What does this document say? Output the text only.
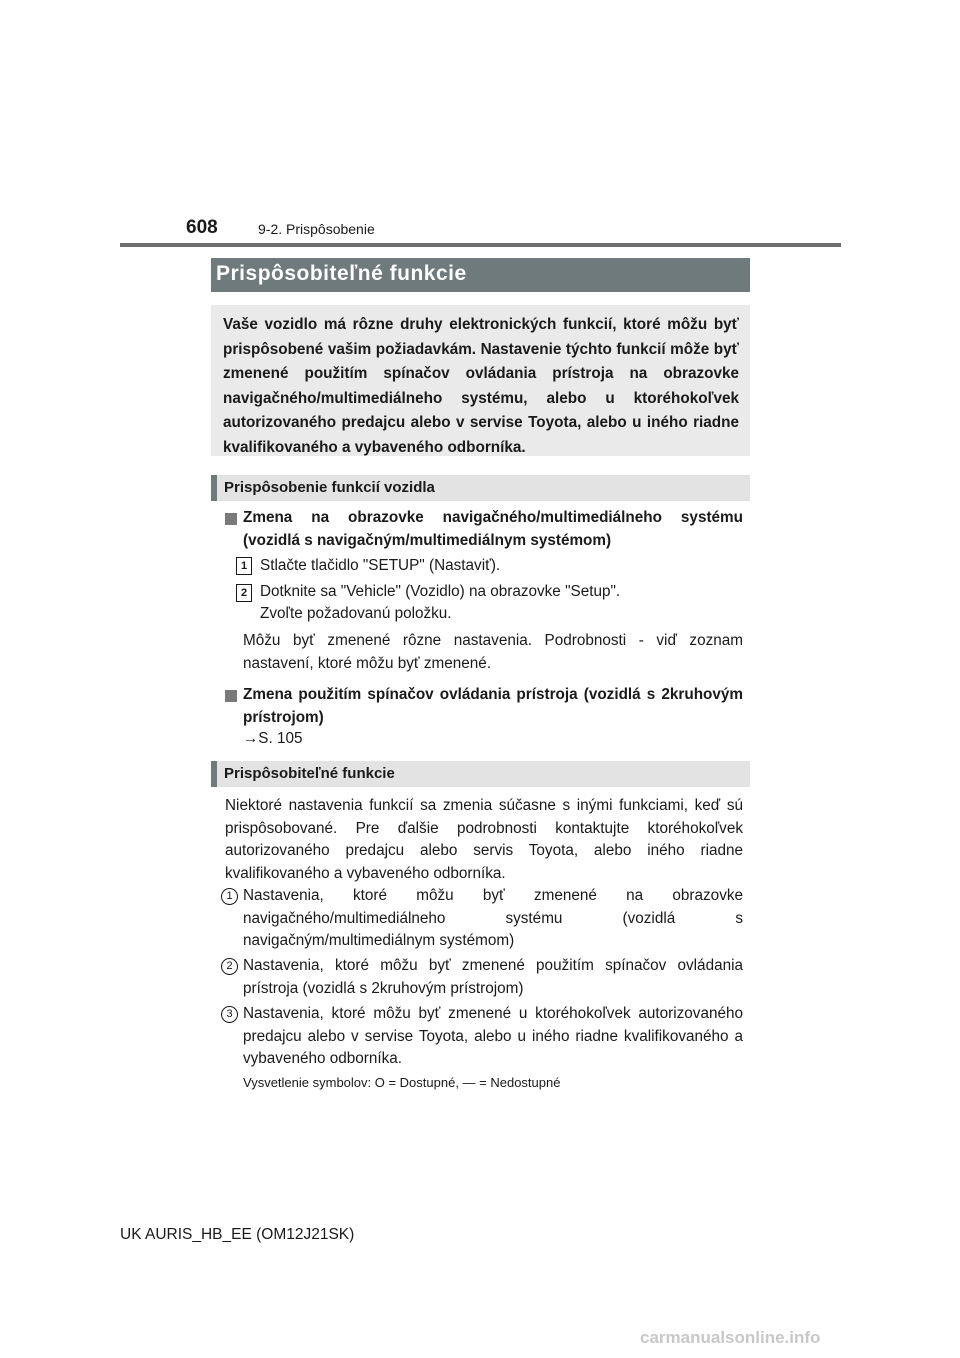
608	9-2. Prispôsobenie
Prispôsobiteľné funkcie

Vaše vozidlo má rôzne druhy elektronických funkcií, ktoré môžu byť prispôsobené vašim požiadavkám. Nastavenie týchto funkcií môže byť zmenené použitím spínačov ovládania prístroja na obrazovke navigačného/multimediálneho systému, alebo u ktoréhokoľvek autorizovaného predajcu alebo v servise Toyota, alebo u iného riadne kvalifikovaného a vybaveného odborníka.

Prispôsobenie funkcií vozidla
Zmena na obrazovke navigačného/multimediálneho systému (vozidlá s navigačným/multimediálnym systémom)
1 Stlačte tlačidlo "SETUP" (Nastaviť).
2 Dotknite sa "Vehicle" (Vozidlo) na obrazovke "Setup".
Zvoľte požadovanú položku.
Môžu byť zmenené rôzne nastavenia. Podrobnosti - viď zoznam nastavení, ktoré môžu byť zmenené.
Zmena použitím spínačov ovládania prístroja (vozidlá s 2kruhovým prístrojom)
→S. 105
Prispôsobiteľné funkcie
Niektoré nastavenia funkcií sa zmenia súčasne s inými funkciami, keď sú prispôsobované. Pre ďalšie podrobnosti kontaktujte ktoréhokoľvek autorizovaného predajcu alebo servis Toyota, alebo iného riadne kvalifikovaného a vybaveného odborníka.
1 Nastavenia, ktoré môžu byť zmenené na obrazovke navigačného/multimediálneho systému (vozidlá s navigačným/multimediálnym systémom)
2 Nastavenia, ktoré môžu byť zmenené použitím spínačov ovládania prístroja (vozidlá s 2kruhovým prístrojom)
3 Nastavenia, ktoré môžu byť zmenené u ktoréhokoľvek autorizovaného predajcu alebo v servise Toyota, alebo u iného riadne kvalifikovaného a vybaveného odborníka.
Vysvetlenie symbolov: O = Dostupné, — = Nedostupné
UK AURIS_HB_EE (OM12J21SK)
carmanualsonline.info
